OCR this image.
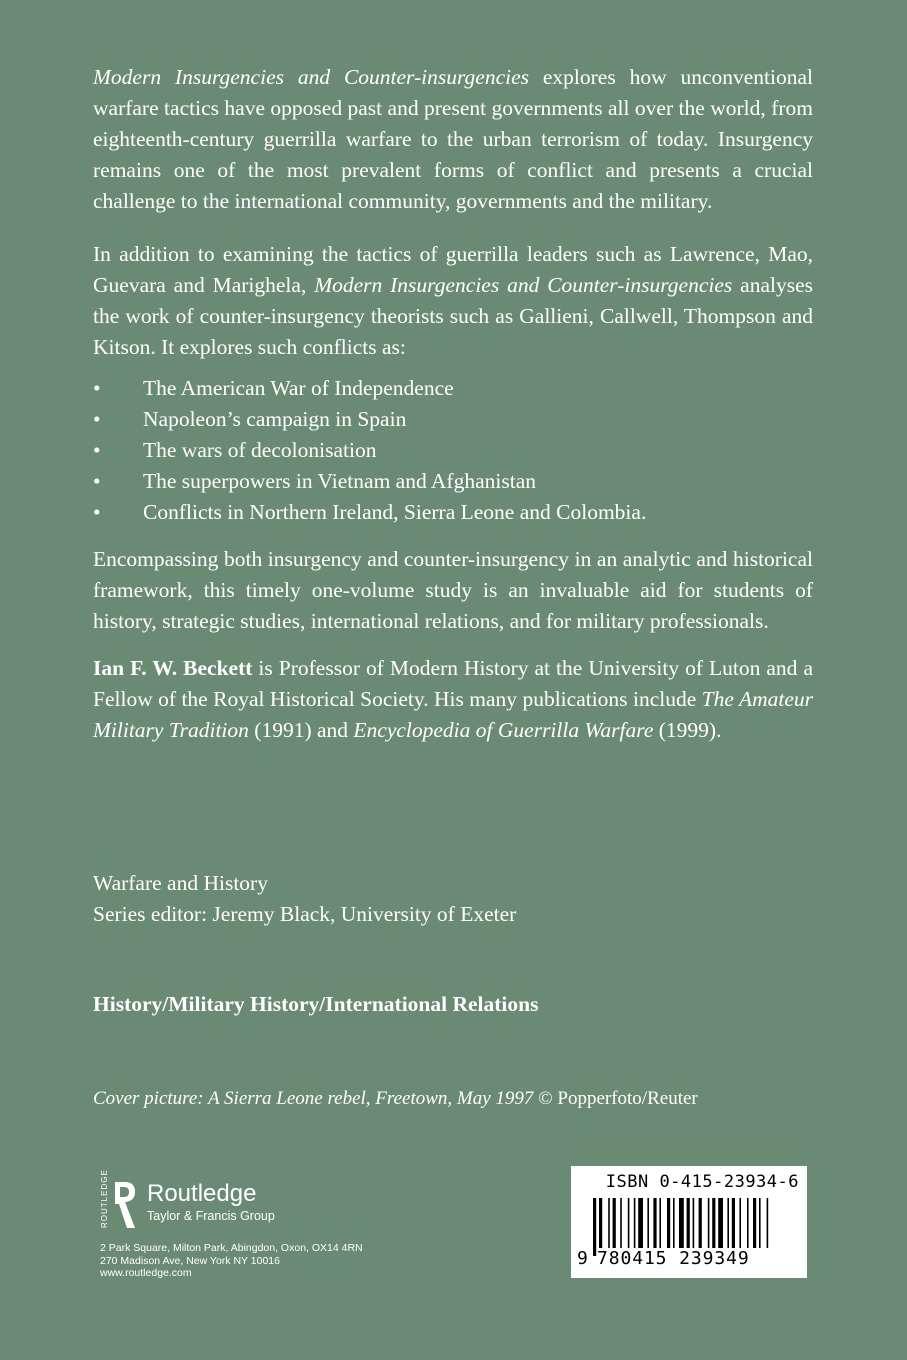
Modern Insurgencies and Counter-insurgencies explores how unconventional warfare tactics have opposed past and present governments all over the world, from eighteenth-century guerrilla warfare to the urban terrorism of today. Insurgency remains one of the most prevalent forms of conflict and presents a crucial challenge to the international community, governments and the military.

In addition to examining the tactics of guerrilla leaders such as Lawrence, Mao, Guevara and Marighela, Modern Insurgencies and Counter-insurgencies analyses the work of counter-insurgency theorists such as Gallieni, Callwell, Thompson and Kitson. It explores such conflicts as:

• The American War of Independence
• Napoleon’s campaign in Spain
• The wars of decolonisation
• The superpowers in Vietnam and Afghanistan
• Conflicts in Northern Ireland, Sierra Leone and Colombia.

Encompassing both insurgency and counter-insurgency in an analytic and historical framework, this timely one-volume study is an invaluable aid for students of history, strategic studies, international relations, and for military professionals.

Ian F. W. Beckett is Professor of Modern History at the University of Luton and a Fellow of the Royal Historical Society. His many publications include The Amateur Military Tradition (1991) and Encyclopedia of Guerrilla Warfare (1999).

Warfare and History
Series editor: Jeremy Black, University of Exeter
History/Military History/International Relations
Cover picture: A Sierra Leone rebel, Freetown, May 1997 © Popperfoto/Reuter
ROUTLEDGE Routledge
Taylor & Francis Group
2 Park Square, Milton Park, Abingdon, Oxon, OX14 4RN
270 Madison Ave, New York NY 10016
www.routledge.com
ISBN 0-415-23934-6
9 780415 239349
